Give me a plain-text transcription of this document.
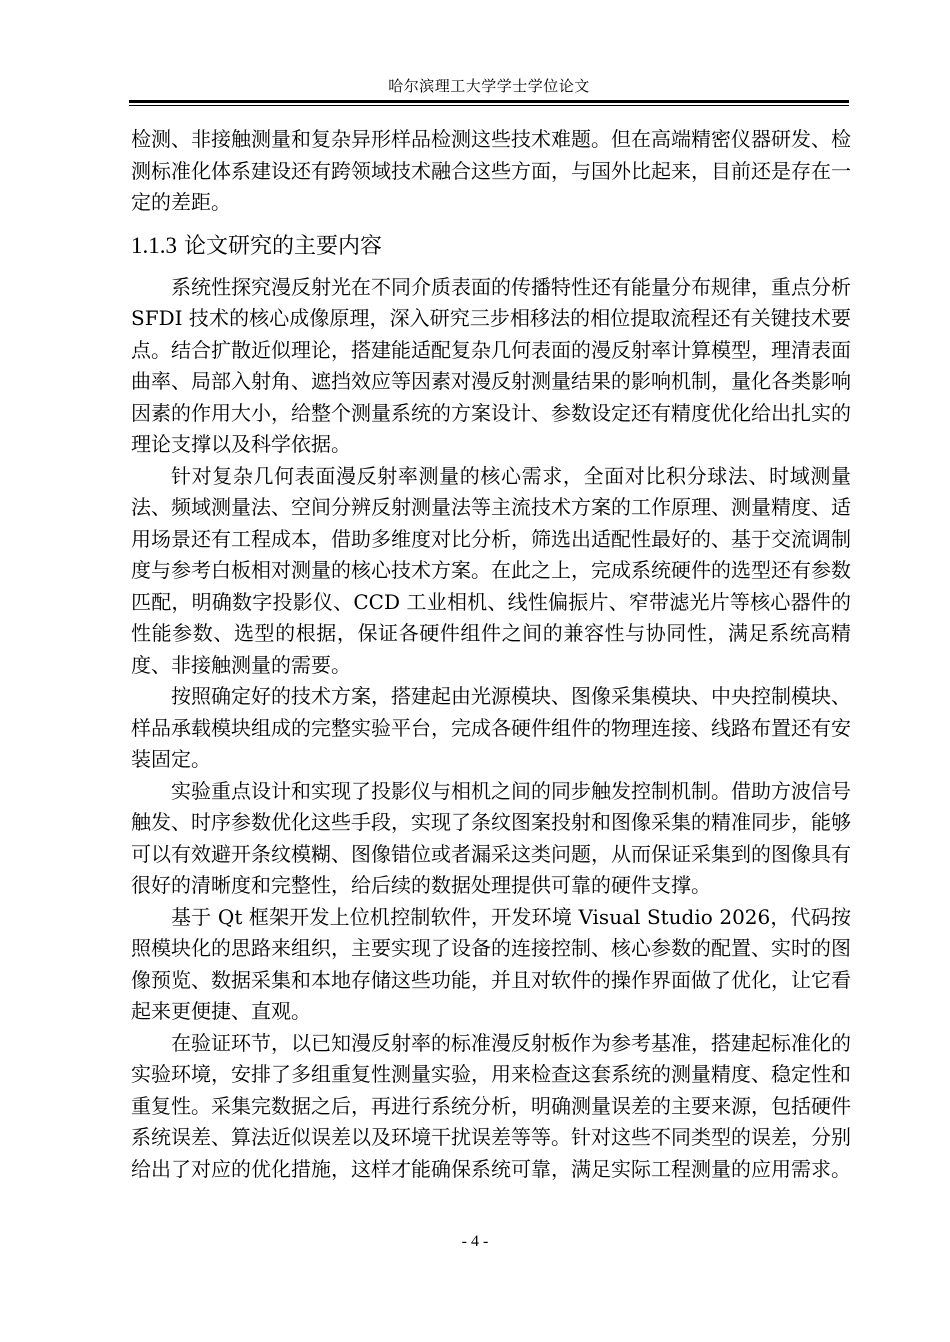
哈尔滨理工大学学士学位论文

检测、非接触测量和复杂异形样品检测这些技术难题。但在高端精密仪器研发、检测标准化体系建设还有跨领域技术融合这些方面，与国外比起来，目前还是存在一定的差距。

1.1.3 论文研究的主要内容

系统性探究漫反射光在不同介质表面的传播特性还有能量分布规律，重点分析 SFDI 技术的核心成像原理，深入研究三步相移法的相位提取流程还有关键技术要点。结合扩散近似理论，搭建能适配复杂几何表面的漫反射率计算模型，理清表面曲率、局部入射角、遮挡效应等因素对漫反射测量结果的影响机制，量化各类影响因素的作用大小，给整个测量系统的方案设计、参数设定还有精度优化给出扎实的理论支撑以及科学依据。

针对复杂几何表面漫反射率测量的核心需求，全面对比积分球法、时域测量法、频域测量法、空间分辨反射测量法等主流技术方案的工作原理、测量精度、适用场景还有工程成本，借助多维度对比分析，筛选出适配性最好的、基于交流调制度与参考白板相对测量的核心技术方案。在此之上，完成系统硬件的选型还有参数匹配，明确数字投影仪、CCD 工业相机、线性偏振片、窄带滤光片等核心器件的性能参数、选型的根据，保证各硬件组件之间的兼容性与协同性，满足系统高精度、非接触测量的需要。

按照确定好的技术方案，搭建起由光源模块、图像采集模块、中央控制模块、样品承载模块组成的完整实验平台，完成各硬件组件的物理连接、线路布置还有安装固定。

实验重点设计和实现了投影仪与相机之间的同步触发控制机制。借助方波信号触发、时序参数优化这些手段，实现了条纹图案投射和图像采集的精准同步，能够可以有效避开条纹模糊、图像错位或者漏采这类问题，从而保证采集到的图像具有很好的清晰度和完整性，给后续的数据处理提供可靠的硬件支撑。

基于 Qt 框架开发上位机控制软件，开发环境 Visual Studio 2026，代码按照模块化的思路来组织，主要实现了设备的连接控制、核心参数的配置、实时的图像预览、数据采集和本地存储这些功能，并且对软件的操作界面做了优化，让它看起来更便捷、直观。

在验证环节，以已知漫反射率的标准漫反射板作为参考基准，搭建起标准化的实验环境，安排了多组重复性测量实验，用来检查这套系统的测量精度、稳定性和重复性。采集完数据之后，再进行系统分析，明确测量误差的主要来源，包括硬件系统误差、算法近似误差以及环境干扰误差等等。针对这些不同类型的误差，分别给出了对应的优化措施，这样才能确保系统可靠，满足实际工程测量的应用需求。

- 4 -
